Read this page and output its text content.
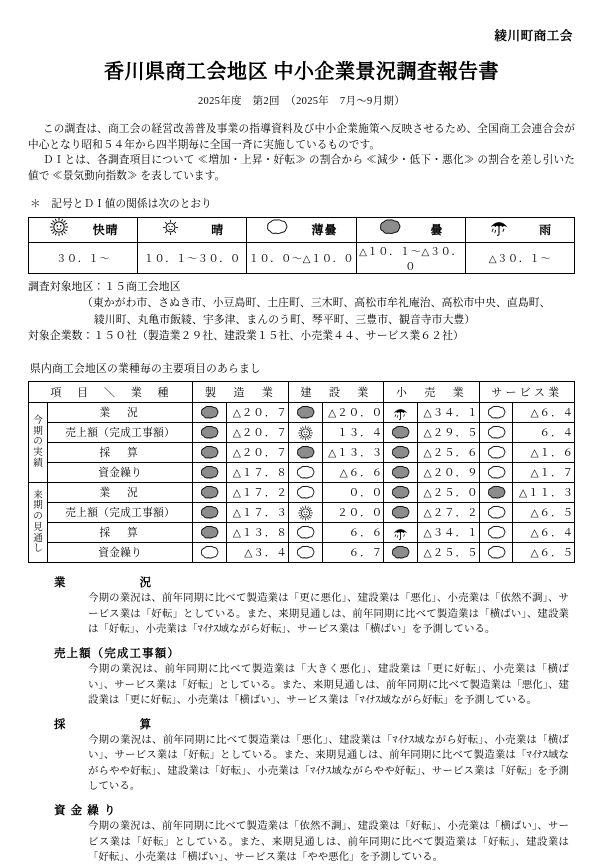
綾川町商工会
香川県商工会地区 中小企業景況調査報告書
2025年度　第2回　（2025年　7月～9月期）

この調査は、商工会の経営改善普及事業の指導資料及び中小企業施策へ反映させるため、全国商工会連合会が中心となり昭和５４年から四半期毎に全国一斉に実施しているものです。

ＤＩとは、各調査項目について ≪増加・上昇・好転≫ の割合から ≪減少・低下・悪化≫ の割合を差し引いた値で ≪景気動向指数≫ を表しています。

＊　記号とＤＩ値の関係は次のとおり
快晴	晴	薄曇	曇	雨

３０．１～	１０．１～３０．０	１０．０～△１０．０	△１０．１～△３０．０	△３０．１～

調査対象地区：１５商工会地区

（東かがわ市、さぬき市、小豆島町、土庄町、三木町、高松市牟礼庵治、高松市中央、直島町、

綾川町、丸亀市飯綾、宇多津、まんのう町、琴平町、三豊市、観音寺市大豊）

対象企業数：１５０社（製造業２９社、建設業１５社、小売業４４、サービス業６２社）

県内商工会地区の業種毎の主要項目のあらまし
項　目　＼　業　種		製　造　業		建　設　業		小　売　業		サービス業	

今
期
の
実
績	業　況		△２０．７		△２０．０		△３４．１		△６．４
	売上額（完成工事額）		△２０．７		１３．４		△２９．５		６．４
	採　算		△２０．７		△１３．３		△２５．６		△１．６
	資金繰り		△１７．８		△６．６		△２０．９		△１．７

来
期
の
見
通
し
	業　況		△１７．２		０．０		△２５．０		△１１．３
	売上額（完成工事額）		△１７．３		２０．０		△２７．２		△６．５
	採　算		△１３．８		６．６		△３４．１		△６．４
	資金繰り		△３．４		６．７		△２５．５		△６．５
業　　　況
今期の業況は、前年同期に比べて製造業は「更に悪化」、建設業は「悪化」、小売業は「依然不調」、サービス業は「好転」としている。また、来期見通しは、前年同期に比べて製造業は「横ばい」、建設業は「好転」、小売業は「ﾏｲﾅｽ域ながら好転」、サービス業は「横ばい」を予測している。
売上額（完成工事額）
今期の業況は、前年同期に比べて製造業は「大きく悪化」、建設業は「更に好転」、小売業は「横ばい」、サービス業は「好転」としている。また、来期見通しは、前年同期に比べて製造業は「悪化」、建設業は「更に好転」、小売業は「横ばい」、サービス業は「ﾏｲﾅｽ域ながら好転」を予測している。
採　　　算
今期の業況は、前年同期に比べて製造業は「悪化」、建設業は「ﾏｲﾅｽ域ながら好転」、小売業は「横ばい」、サービス業は「好転」としている。また、来期見通しは、前年同期に比べて製造業は「ﾏｲﾅｽ域ながらやや好転」、建設業は「好転」、小売業は「ﾏｲﾅｽ域ながらやや好転」、サービス業は「好転」を予測している。
資 金 繰 り
今期の業況は、前年同期に比べて製造業は「依然不調」、建設業は「好転」、小売業は「横ばい」、サービス業は「好転」としている。また、来期見通しは、前年同期に比べて製造業は「好転」、建設業は「好転」、小売業は「横ばい」、サービス業は「やや悪化」を予測している。
